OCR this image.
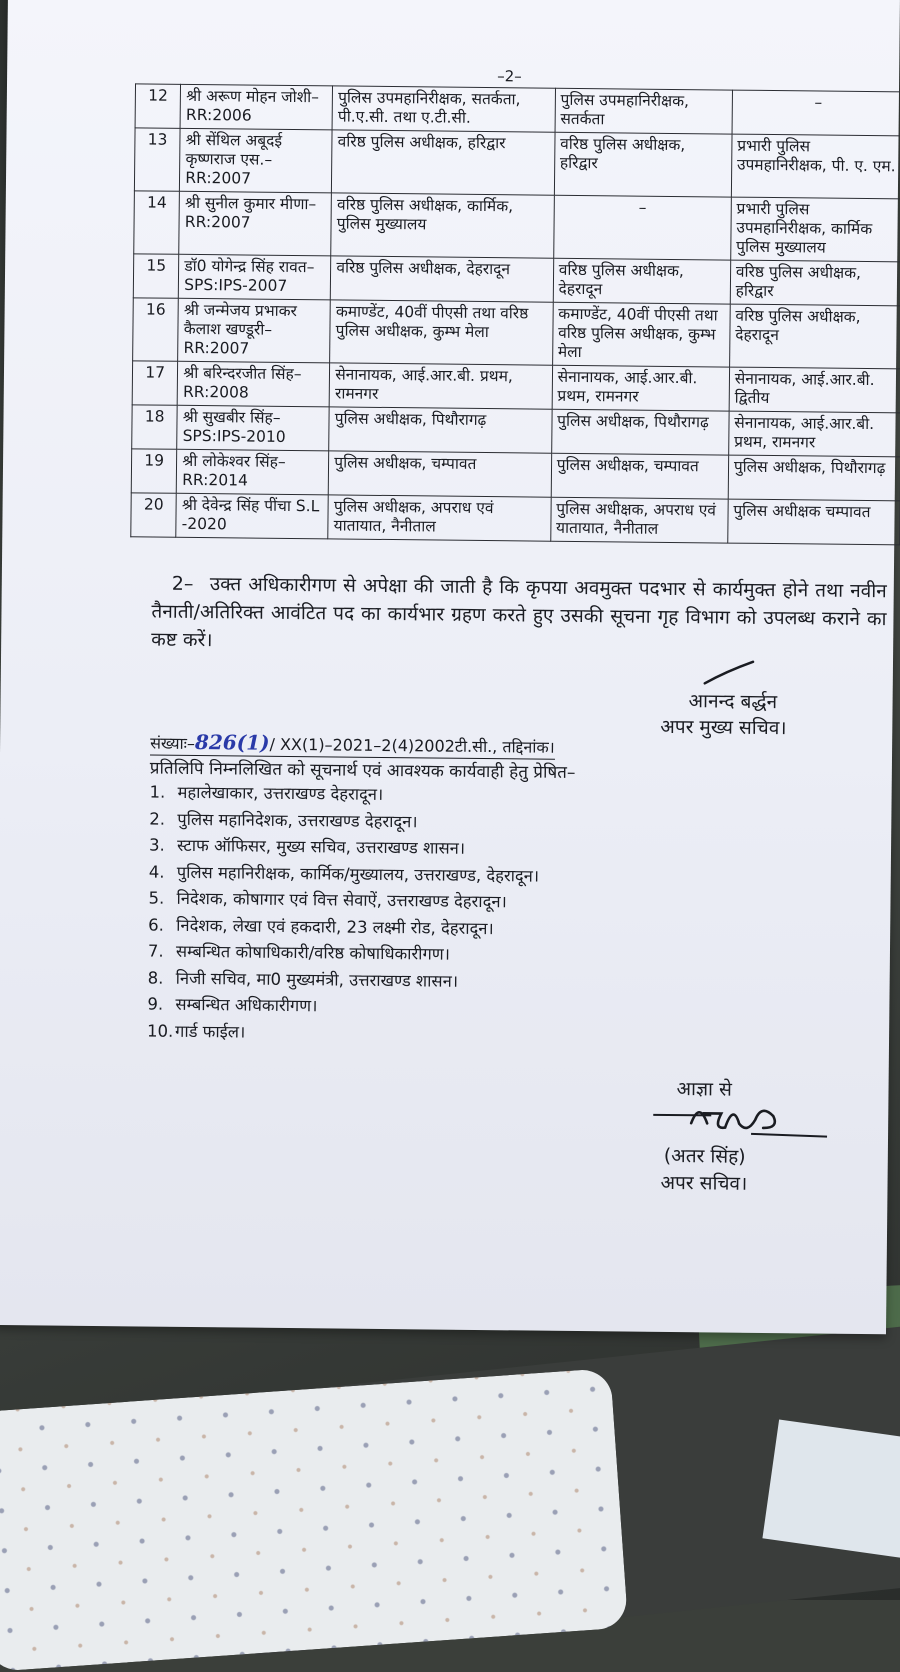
–2–
12	श्री अरूण मोहन जोशी– RR:2006	पुलिस उपमहानिरीक्षक, सतर्कता, पी.ए.सी. तथा ए.टी.सी.	पुलिस उपमहानिरीक्षक, सतर्कता	–

13	श्री सेंथिल अबूदई कृष्णराज एस.– RR:2007	वरिष्ठ पुलिस अधीक्षक, हरिद्वार	वरिष्ठ पुलिस अधीक्षक, हरिद्वार	प्रभारी पुलिस उपमहानिरीक्षक, पी. ए. एम.
14	श्री सुनील कुमार मीणा– RR:2007	वरिष्ठ पुलिस अधीक्षक, कार्मिक, पुलिस मुख्यालय	–	प्रभारी पुलिस उपमहानिरीक्षक, कार्मिक पुलिस मुख्यालय
15	डॉ0 योगेन्द्र सिंह रावत– SPS:IPS-2007	वरिष्ठ पुलिस अधीक्षक, देहरादून	वरिष्ठ पुलिस अधीक्षक, देहरादून	वरिष्ठ पुलिस अधीक्षक, हरिद्वार
16	श्री जन्मेजय प्रभाकर कैलाश खण्डूरी– RR:2007	कमाण्डेंट, 40वीं पीएसी तथा वरिष्ठ पुलिस अधीक्षक, कुम्भ मेला	कमाण्डेंट, 40वीं पीएसी तथा वरिष्ठ पुलिस अधीक्षक, कुम्भ मेला	वरिष्ठ पुलिस अधीक्षक, देहरादून
17	श्री बरिन्दरजीत सिंह– RR:2008	सेनानायक, आई.आर.बी. प्रथम, रामनगर	सेनानायक, आई.आर.बी. प्रथम, रामनगर	सेनानायक, आई.आर.बी. द्वितीय
18	श्री सुखबीर सिंह– SPS:IPS-2010	पुलिस अधीक्षक, पिथौरागढ़	पुलिस अधीक्षक, पिथौरागढ़	सेनानायक, आई.आर.बी. प्रथम, रामनगर
19	श्री लोकेश्वर सिंह– RR:2014	पुलिस अधीक्षक, चम्पावत	पुलिस अधीक्षक, चम्पावत	पुलिस अधीक्षक, पिथौरागढ़
20	श्री देवेन्द्र सिंह पींचा S.L -2020	पुलिस अधीक्षक, अपराध एवं यातायात, नैनीताल	पुलिस अधीक्षक, अपराध एवं यातायात, नैनीताल	पुलिस अधीक्षक चम्पावत
2– उक्त अधिकारीगण से अपेक्षा की जाती है कि कृपया अवमुक्त पदभार से कार्यमुक्त होने तथा नवीन तैनाती/अतिरिक्त आवंटित पद का कार्यभार ग्रहण करते हुए उसकी सूचना गृह विभाग को उपलब्ध कराने का कष्ट करें।
आनन्द बर्द्धन
अपर मुख्य सचिव।
संख्याः–826(1)/ XX(1)–2021–2(4)2002टी.सी., तद्दिनांक।
प्रतिलिपि निम्नलिखित को सूचनार्थ एवं आवश्यक कार्यवाही हेतु प्रेषित–
1. महालेखाकार, उत्तराखण्ड देहरादून।
2. पुलिस महानिदेशक, उत्तराखण्ड देहरादून।
3. स्टाफ ऑफिसर, मुख्य सचिव, उत्तराखण्ड शासन।
4. पुलिस महानिरीक्षक, कार्मिक/मुख्यालय, उत्तराखण्ड, देहरादून।
5. निदेशक, कोषागार एवं वित्त सेवाऐं, उत्तराखण्ड देहरादून।
6. निदेशक, लेखा एवं हकदारी, 23 लक्ष्मी रोड, देहरादून।
7. सम्बन्धित कोषाधिकारी/वरिष्ठ कोषाधिकारीगण।
8. निजी सचिव, मा0 मुख्यमंत्री, उत्तराखण्ड शासन।
9. सम्बन्धित अधिकारीगण।
10.गार्ड फाईल।
आज्ञा से
(अतर सिंह)
अपर सचिव।
